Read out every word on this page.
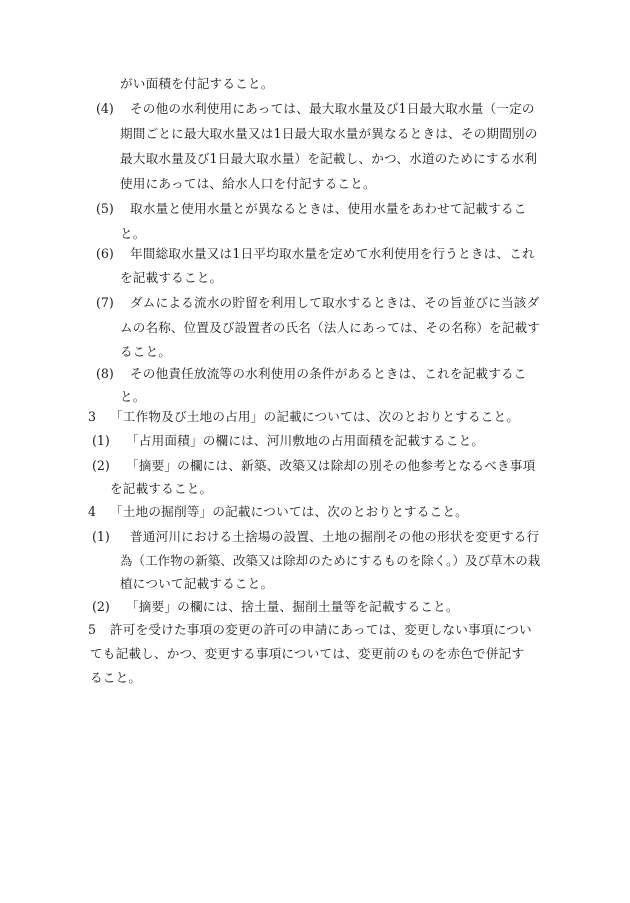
がい面積を付記すること。
(4) その他の水利使用にあっては、最大取水量及び1日最大取水量（一定の
期間ごとに最大取水量又は1日最大取水量が異なるときは、その期間別の
最大取水量及び1日最大取水量）を記載し、かつ、水道のためにする水利
使用にあっては、給水人口を付記すること。
(5) 取水量と使用水量とが異なるときは、使用水量をあわせて記載するこ
と。
(6) 年間総取水量又は1日平均取水量を定めて水利使用を行うときは、これ
を記載すること。
(7) ダムによる流水の貯留を利用して取水するときは、その旨並びに当該ダ
ムの名称、位置及び設置者の氏名（法人にあっては、その名称）を記載す
ること。
(8) その他責任放流等の水利使用の条件があるときは、これを記載するこ
と。
3 「工作物及び土地の占用」の記載については、次のとおりとすること。
(1) 「占用面積」の欄には、河川敷地の占用面積を記載すること。
(2) 「摘要」の欄には、新築、改築又は除却の別その他参考となるべき事項
を記載すること。
4 「土地の掘削等」の記載については、次のとおりとすること。
(1) 普通河川における土捨場の設置、土地の掘削その他の形状を変更する行
為（工作物の新築、改築又は除却のためにするものを除く。）及び草木の栽
植について記載すること。
(2) 「摘要」の欄には、捨土量、掘削土量等を記載すること。
5 許可を受けた事項の変更の許可の申請にあっては、変更しない事項につい
ても記載し、かつ、変更する事項については、変更前のものを赤色で併記す
ること。
